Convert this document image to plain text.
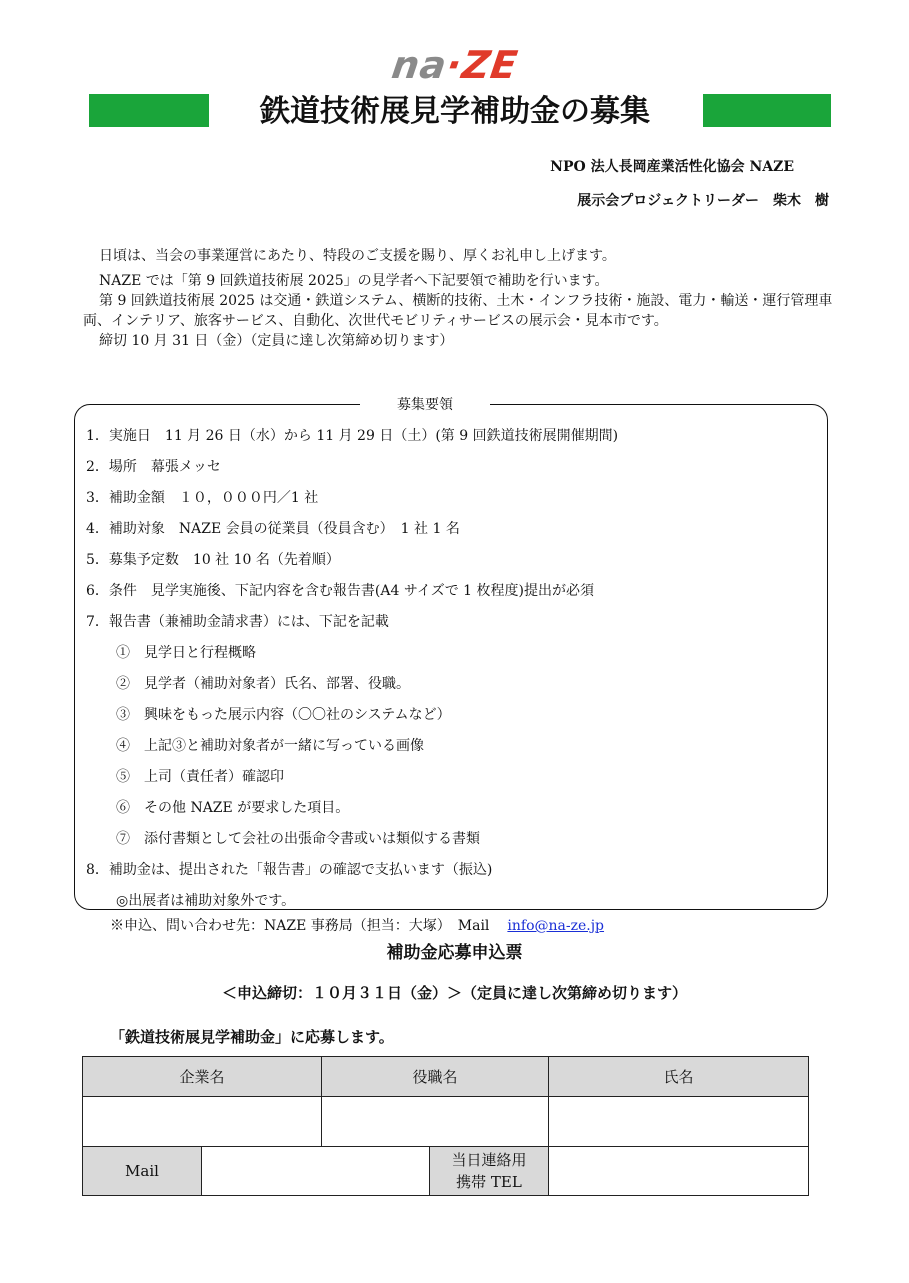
na·ZE
鉄道技術展見学補助金の募集
NPO 法人長岡産業活性化協会 NAZE
展示会プロジェクトリーダー　柴木　樹

日頃は、当会の事業運営にあたり、特段のご支援を賜り、厚くお礼申し上げます。

NAZE では「第 9 回鉄道技術展 2025」の見学者へ下記要領で補助を行います。

第 9 回鉄道技術展 2025 は交通・鉄道システム、横断的技術、土木・インフラ技術・施設、電力・輸送・運行管理車両、インテリア、旅客サービス、自動化、次世代モビリティサービスの展示会・見本市です。

締切 10 月 31 日（金）（定員に達し次第締め切ります）

募集要領
1．実施日　11 月 26 日（水）から 11 月 29 日（土）(第 9 回鉄道技術展開催期間)
2．場所　幕張メッセ
3．補助金額　１０，０００円／1 社
4．補助対象　NAZE 会員の従業員（役員含む）　1 社 1 名
5．募集予定数　10 社 10 名（先着順）
6．条件　見学実施後、下記内容を含む報告書(A4 サイズで 1 枚程度)提出が必須
7．報告書（兼補助金請求書）には、下記を記載
①　見学日と行程概略
②　見学者（補助対象者）氏名、部署、役職。
③　興味をもった展示内容（〇〇社のシステムなど）
④　上記③と補助対象者が一緒に写っている画像
⑤　上司（責任者）確認印
⑥　その他 NAZE が要求した項目。
⑦　添付書類として会社の出張命令書或いは類似する書類
8．補助金は、提出された「報告書」の確認で支払います（振込)
◎出展者は補助対象外です。
※申込、問い合わせ先：NAZE 事務局（担当：大塚）　Mail info@na-ze.jp
補助金応募申込票
＜申込締切：１０月３１日（金）＞（定員に達し次第締め切ります）
「鉄道技術展見学補助金」に応募します。
企業名	役職名	氏名
Mail
当日連絡用
携帯 TEL
